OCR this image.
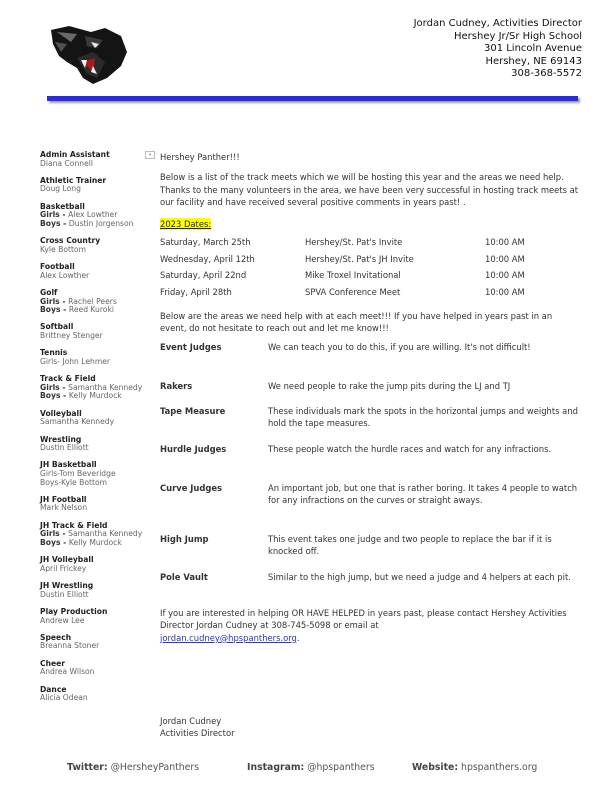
Jordan Cudney, Activities Director
Hershey Jr/Sr High School
301 Lincoln Avenue
Hershey, NE 69143
308-368-5572
▾
Admin Assistant
Diana Connell
Athletic Trainer
Doug Long
Basketball
Girls - Alex Lowther
Boys - Dustin Jorgenson
Cross Country
Kyle Bottom
Football
Alex Lowther
Golf
Girls - Rachel Peers
Boys - Reed Kuroki
Softball
Brittney Stenger
Tennis
Girls- John Lehmer
Track & Field
Girls - Samantha Kennedy
Boys - Kelly Murdock
Volleyball
Samantha Kennedy
Wrestling
Dustin Elliott
JH Basketball
Girls-Tom Beveridge
Boys-Kyle Bottom
JH Football
Mark Nelson
JH Track & Field
Girls - Samantha Kennedy
Boys - Kelly Murdock
JH Volleyball
April Frickey
JH Wrestling
Dustin Elliott
Play Production
Andrew Lee
Speech
Breanna Stoner
Cheer
Andrea Wilson
Dance
Alicia Odean

Hershey Panther!!!

Below is a list of the track meets which we will be hosting this year and the areas we need help. Thanks to the many volunteers in the area, we have been very successful in hosting track meets at our facility and have received several positive comments in years past! .

2023 Dates:
Saturday, March 25th	Hershey/St. Pat's Invite	10:00 AM
Wednesday, April 12th	Hershey/St. Pat's JH Invite	10:00 AM
Saturday, April 22nd	Mike Troxel Invitational	10:00 AM
Friday, April 28th	SPVA Conference Meet	10:00 AM

Below are the areas we need help with at each meet!!! If you have helped in years past in an event, do not hesitate to reach out and let me know!!!

Event Judges	We can teach you to do this, if you are willing. It's not difficult!
Rakers	We need people to rake the jump pits during the LJ and TJ
Tape Measure	These individuals mark the spots in the horizontal jumps and weights and hold the tape measures.
Hurdle Judges	These people watch the hurdle races and watch for any infractions.
Curve Judges	An important job, but one that is rather boring. It takes 4 people to watch for any infractions on the curves or straight aways.
High Jump	This event takes one judge and two people to replace the bar if it is knocked off.
Pole Vault	Similar to the high jump, but we need a judge and 4 helpers at each pit.

If you are interested in helping OR HAVE HELPED in years past, please contact Hershey Activities Director Jordan Cudney at 308-745-5098 or email at
jordan.cudney@hpspanthers.org.

Jordan Cudney
Activities Director
Twitter: @HersheyPanthers	Instagram: @hpspanthers	Website: hpspanthers.org
